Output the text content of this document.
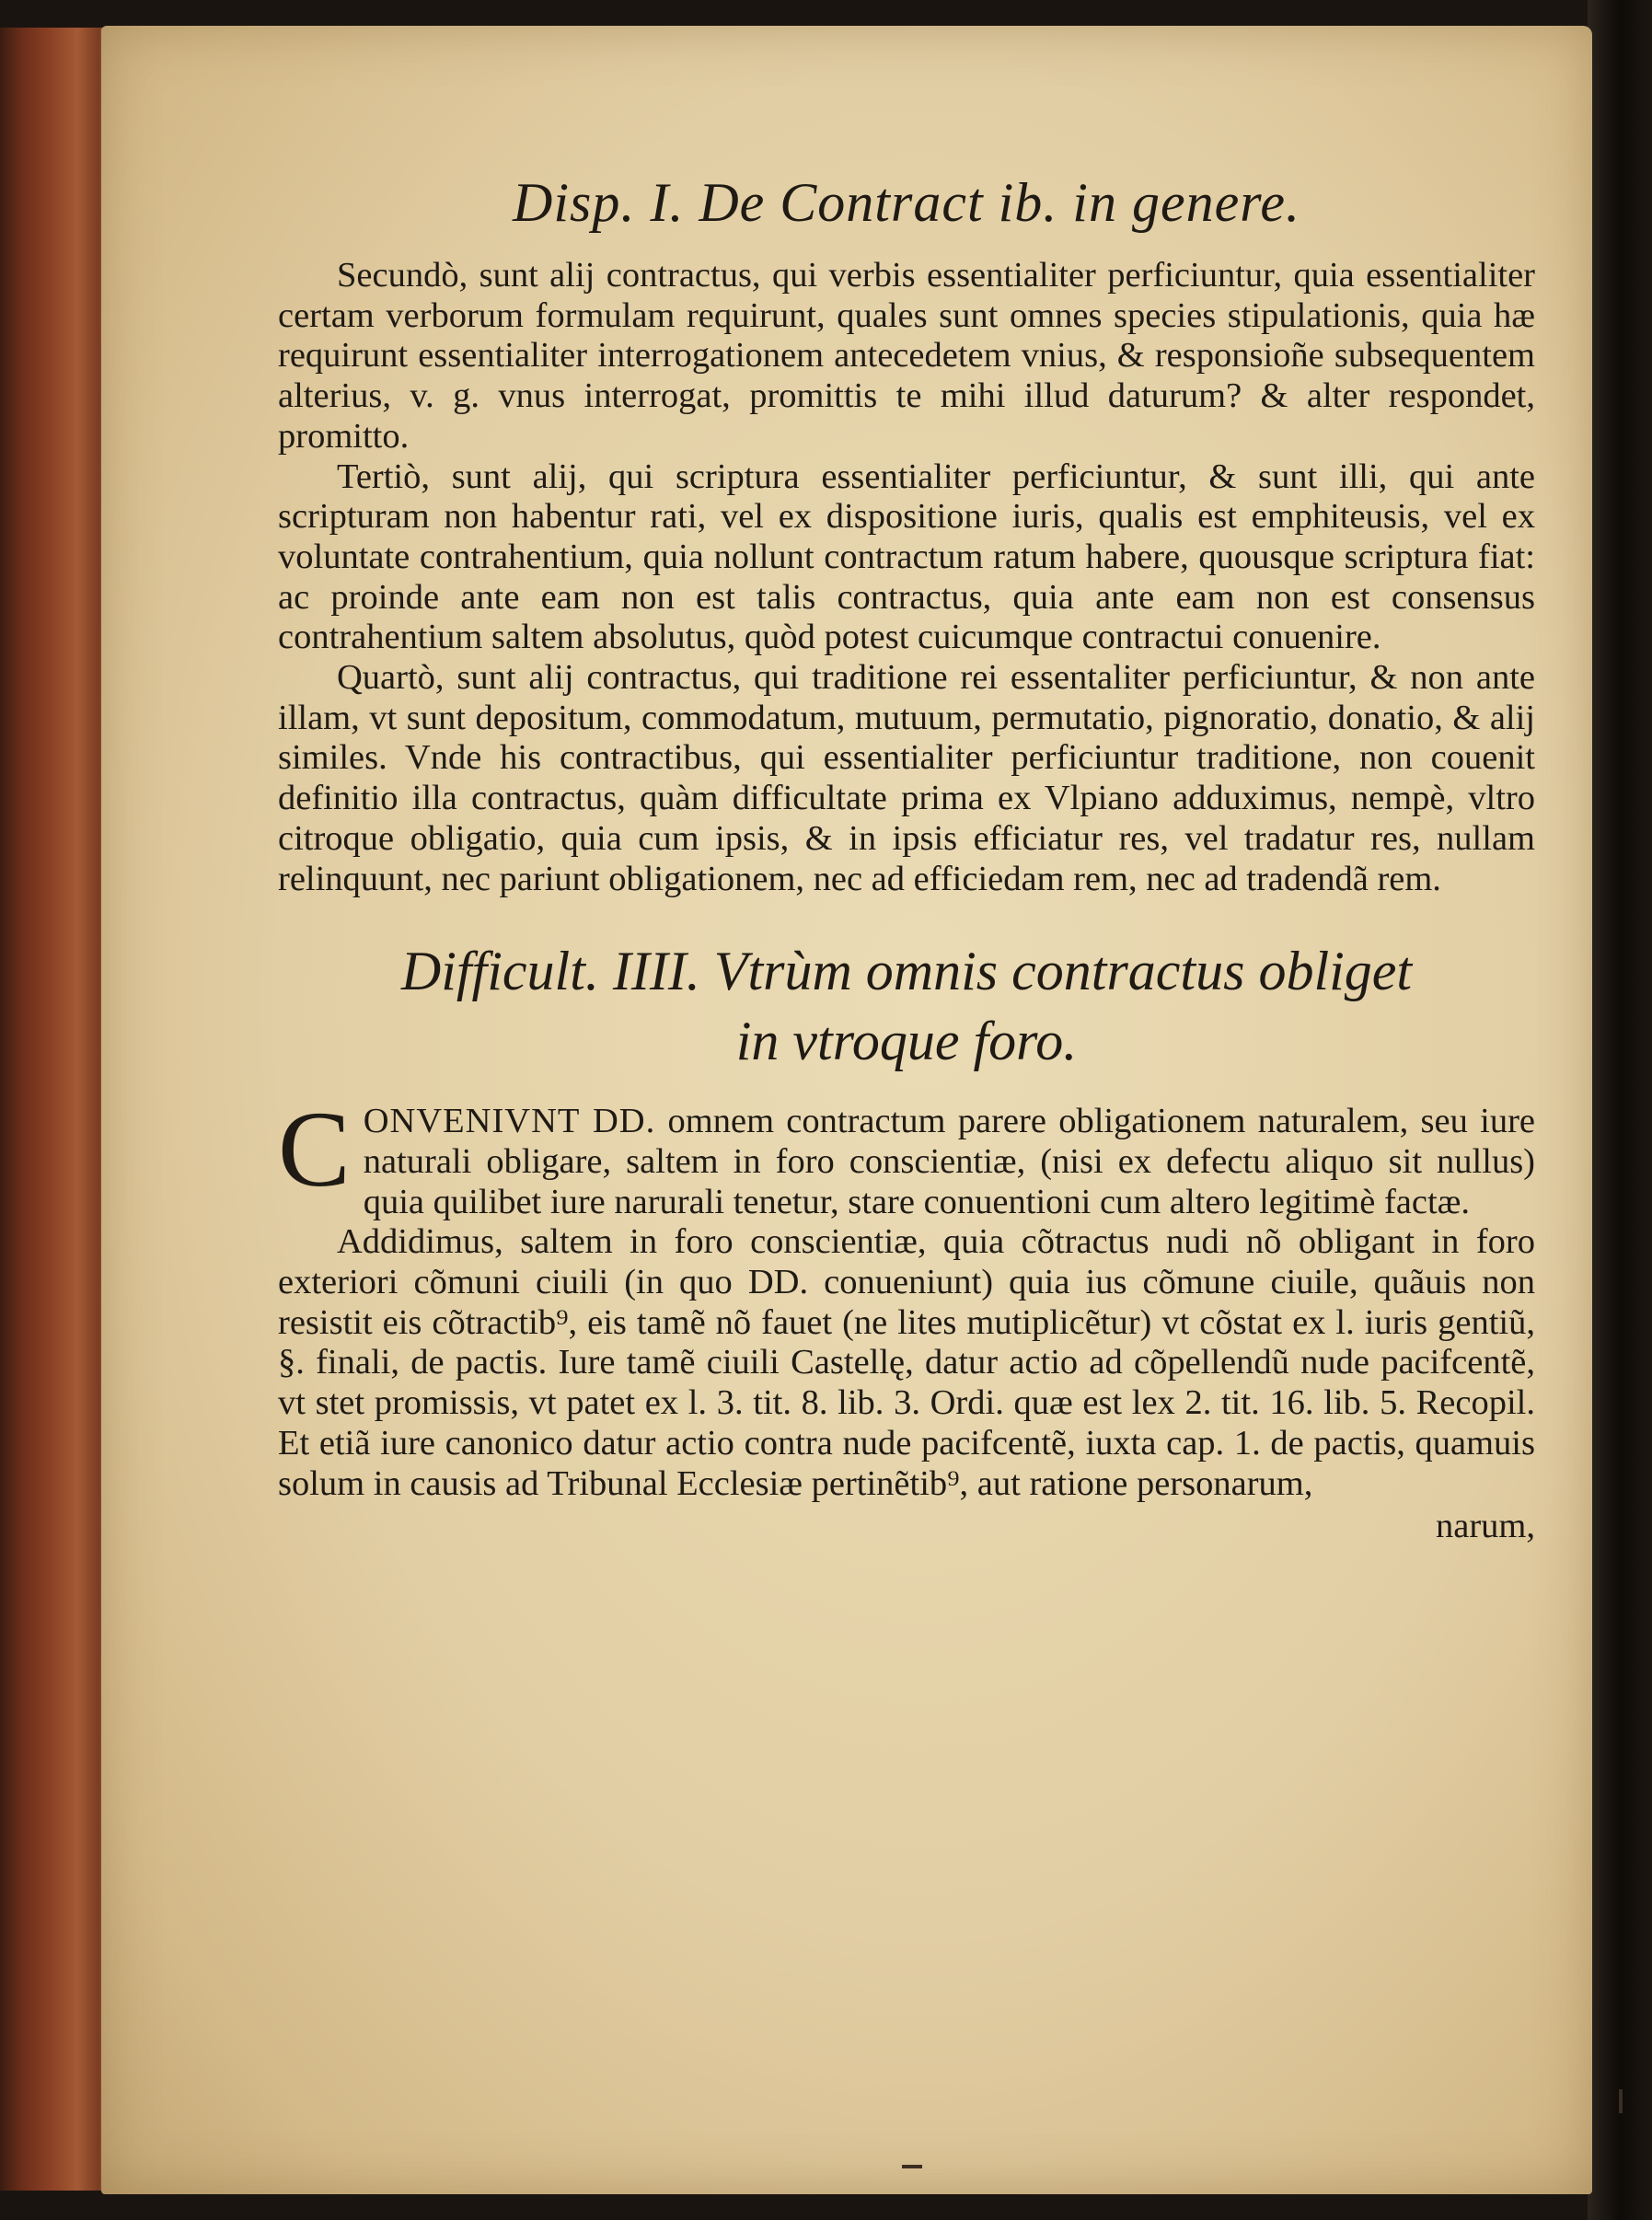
Disp. I. De Contract ib. in genere.

Secundò, sunt alij contractus, qui verbis essentialiter perficiuntur, quia essentialiter certam verborum formulam requirunt, quales sunt omnes species stipulationis, quia hæ requirunt essentialiter interrogationem antecedetem vnius, & responsioñe subsequentem alterius, v. g. vnus interrogat, promittis te mihi illud daturum? & alter respondet, promitto.

Tertiò, sunt alij, qui scriptura essentialiter perficiuntur, & sunt illi, qui ante scripturam non habentur rati, vel ex dispositione iuris, qualis est emphiteusis, vel ex voluntate contrahentium, quia nollunt contractum ratum habere, quousque scriptura fiat: ac proinde ante eam non est talis contractus, quia ante eam non est consensus contrahentium saltem absolutus, quòd potest cuicumque contractui conuenire.

Quartò, sunt alij contractus, qui traditione rei essentaliter perficiuntur, & non ante illam, vt sunt depositum, commodatum, mutuum, permutatio, pignoratio, donatio, & alij similes. Vnde his contractibus, qui essentialiter perficiuntur traditione, non couenit definitio illa contractus, quàm difficultate prima ex Vlpiano adduximus, nempè, vltro citroque obligatio, quia cum ipsis, & in ipsis efficiatur res, vel tradatur res, nullam relinquunt, nec pariunt obligationem, nec ad efficiedam rem, nec ad tradendã rem.

Difficult. IIII. Vtrùm omnis contractus obliget
in vtroque foro.

CONVENIVNT DD. omnem contractum parere obligationem naturalem, seu iure naturali obligare, saltem in foro conscientiæ, (nisi ex defectu aliquo sit nullus) quia quilibet iure narurali tenetur, stare conuentioni cum altero legitimè factæ.

Addidimus, saltem in foro conscientiæ, quia cõtractus nudi nõ obligant in foro exteriori cõmuni ciuili (in quo DD. conueniunt) quia ius cõmune ciuile, quãuis non resistit eis cõtractib⁹, eis tamẽ nõ fauet (ne lites mutiplicẽtur) vt cõstat ex l. iuris gentiũ, §. finali, de pactis. Iure tamẽ ciuili Castellę, datur actio ad cõpellendũ nude pacifcentẽ, vt stet promissis, vt patet ex l. 3. tit. 8. lib. 3. Ordi. quæ est lex 2. tit. 16. lib. 5. Recopil. Et etiã iure canonico datur actio contra nude pacifcentẽ, iuxta cap. 1. de pactis, quamuis solum in causis ad Tribunal Ecclesiæ pertinẽtib⁹, aut ratione personarum,

narum,
